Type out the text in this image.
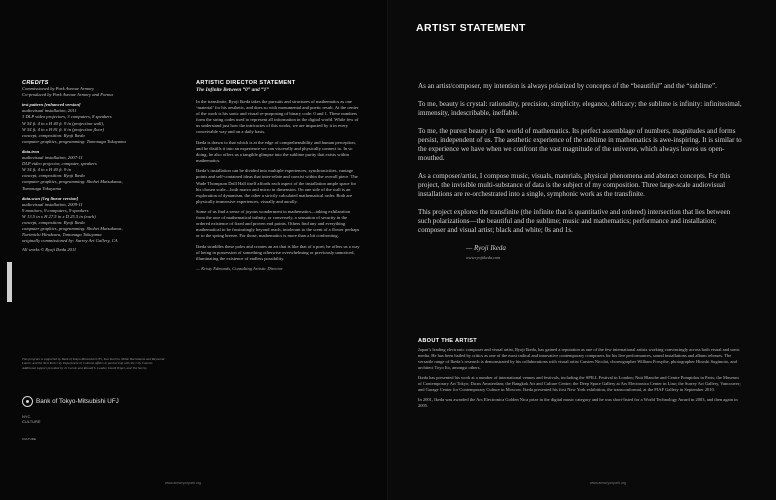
CREDITS

Commissioned by Park Avenue Armory

Co-produced by Park Avenue Armory and Forma

test pattern [enhanced version]

audiovisual installation, 2011

3 DLP video projectors, 3 computers, 8 speakers

W 54 ft. 4 in x H 40 ft. 9 in (projection wall),

W 54 ft. 4 in x H 81 ft. 6 in (projection floor)

concept, composition: Ryoji Ikeda

computer graphics, programming: Tomonaga Tokuyama

data.tron

audiovisual installation, 2007-11

DLP video projector, computer, speakers

W 34 ft. 4 in x H 40 ft. 9 in

concept, composition: Ryoji Ikeda

computer graphics, programming: Shohei Matsukawa,

Tomonaga Tokuyama

data.scan [1eg linear version]

audiovisual installation, 2009-11

9 monitors, 9 computers, 9 speakers

W 13.5 in x H 27.5 in x D 25.5 in (each)

concept, composition: Ryoji Ikeda

computer graphics, programming: Shohei Matsukawa,

Norimichi Hirakawa, Tomonaga Tokuyama

originally commissioned by: Surrey Art Gallery, CA

All works © Ryoji Ikeda 2011

This program is supported by Bank of Tokyo-Mitsubishi UFJ, Ken Kuchin, Millie Buchsbaum and Raymond Laurie, and the New York City Department of Cultural Affairs in partnership with the City Council. Additional support provided by Jo Carole and Ronald S. Lauder, David Teiger, and The Surrey.
Bank of Tokyo-Mitsubishi UFJ
NYC CULTURE
CULTURE
ARTISTIC DIRECTOR STATEMENT
The Infinite Between “0” and “1”

In the transfinite, Ryoji Ikeda takes the pursuits and structures of mathematics as one ‘material’ for his aesthetic, and does so with monumental and poetic result. At the center of the work is his sonic and visual re-purposing of binary code: 0 and 1. These numbers form the string codes used to represent all information in the digital world. While few of us understand just how the intricacies of this works, we are impacted by it in every conceivable way and on a daily basis.

Ikeda is drawn to that which is at the edge of comprehensibility and human perception, and he distills it into an experience we can viscerally and physically connect to. In so doing, he also offers us a tangible glimpse into the sublime purity that exists within mathematics.

Ikeda’s installation can be divided into multiple experiences, synchronicities, vantage points and self-contained ideas that inter-relate and coexist within the overall piece. The Wade Thompson Drill Hall itself affords each aspect of the installation ample space for his chosen scale—both macro and micro in dimension. On one side of the wall is an exploration of dynamism, the other a strictly calculated mathematical order. Both are physically immersive experiences, visually and aurally.

Some of us find a sense of joyous wonderment in mathematics—taking exhilaration from the awe of mathematical infinity, or conversely, a sensation of security in the ordered existence of fixed and proven end points. Others find any and everything mathematical to be frustratingly beyond reach, intolerant to the scent of a flower perhaps or to the spring breeze. For those, mathematics is more than a bit confronting.

Ikeda straddles these poles and creates an art that is like that of a poet; he offers us a way of being in possession of something otherwise overwhelming or previously unnoticed, illuminating the existence of endless possibility.

— Kristy Edmunds, Consulting Artistic Director
www.armoryonpark.org
ARTIST STATEMENT

As an artist/composer, my intention is always polarized by concepts of the “beautiful” and the “sublime”.

To me, beauty is crystal: rationality, precision, simplicity, elegance, delicacy; the sublime is infinity: infinitesimal, immensity, indescribable, ineffable.

To me, the purest beauty is the world of mathematics. Its perfect assemblage of numbers, magnitudes and forms persist, independent of us. The aesthetic experience of the sublime in mathematics is awe-inspiring. It is similar to the experience we have when we confront the vast magnitude of the universe, which always leaves us open-mouthed.

As a composer/artist, I compose music, visuals, materials, physical phenomena and abstract concepts. For this project, the invisible multi-substance of data is the subject of my composition. Three large-scale audiovisual installations are re-orchestrated into a single, symphonic work as the transfinite.

This project explores the transfinite (the infinite that is quantitative and ordered) intersection that lies between such polarizations—the beautiful and the sublime; music and mathematics; performance and installation; composer and visual artist; black and white; 0s and 1s.

— Ryoji Ikeda
www.ryojiikeda.com
ABOUT THE ARTIST

Japan’s leading electronic composer and visual artist, Ryoji Ikeda, has gained a reputation as one of the few international artists working convincingly across both visual and sonic media. He has been hailed by critics as one of the most radical and innovative contemporary composers for his live performances, sound installations and album releases. The versatile range of Ikeda’s research is demonstrated by his collaborations with visual artist Carsten Nicolai, choreographer William Forsythe, photographer Hiroshi Sugimoto, and architect Toyo Ito, amongst others.

Ikeda has presented his work at a number of international venues and festivals, including the SPILL Festival in London; Nuit Blanche and Centre Pompidou in Paris; the Museum of Contemporary Art Tokyo; Da:ns Amsterdam; the Bangkok Art and Culture Centre; the Deep Space Gallery at Ars Electronica Center in Linz; the Surrey Art Gallery, Vancouver; and Garage Center for Contemporary Culture in Moscow. Ikeda presented his first New York exhibition, the transconformal, at the FIAF Gallery in September 2010.

In 2001, Ikeda was awarded the Ars Electronica Golden Nica prize in the digital music category and he was short-listed for a World Technology Award in 2003, and then again in 2005.

www.armoryonpark.org
